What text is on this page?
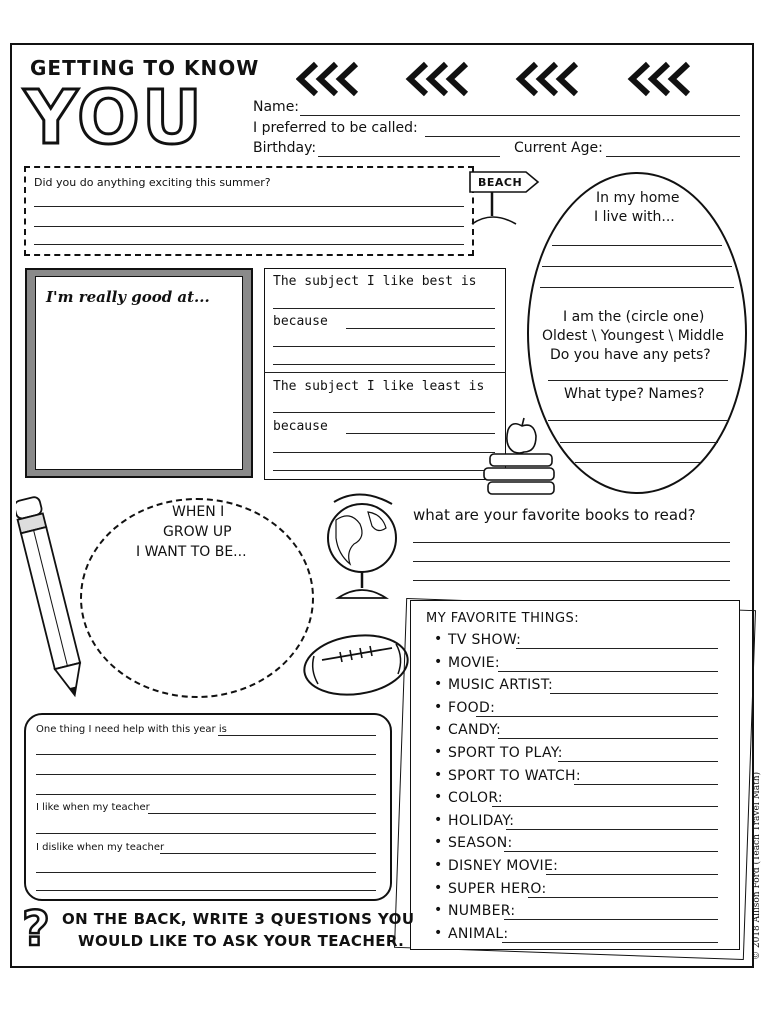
GETTING TO KNOW
YOU	Name:
I preferred to be called:
Birthday:	Current Age:
Did you do anything exciting this summer?	BEACH
In my home
I live with...
I am the (circle one)
Oldest \ Youngest \ Middle
Do you have any pets?
What type? Names?
I'm really good at...
The subject I like best is
because
The subject I like least is
because
WHEN I
GROW UP
I WANT TO BE...
what are your favorite books to read?
MY FAVORITE THINGS:
• TV SHOW:
• MOVIE:
• MUSIC ARTIST:
• FOOD:
• CANDY:
• SPORT TO PLAY:
• SPORT TO WATCH:
• COLOR:
• HOLIDAY:
• SEASON:
• DISNEY MOVIE:
• SUPER HERO:
• NUMBER:
• ANIMAL:
One thing I need help with this year is
I like when my teacher
I dislike when my teacher
? ON THE BACK, WRITE 3 QUESTIONS YOU
WOULD LIKE TO ASK YOUR TEACHER.	© 2018 Allison Ford (Teach Travel Math)
